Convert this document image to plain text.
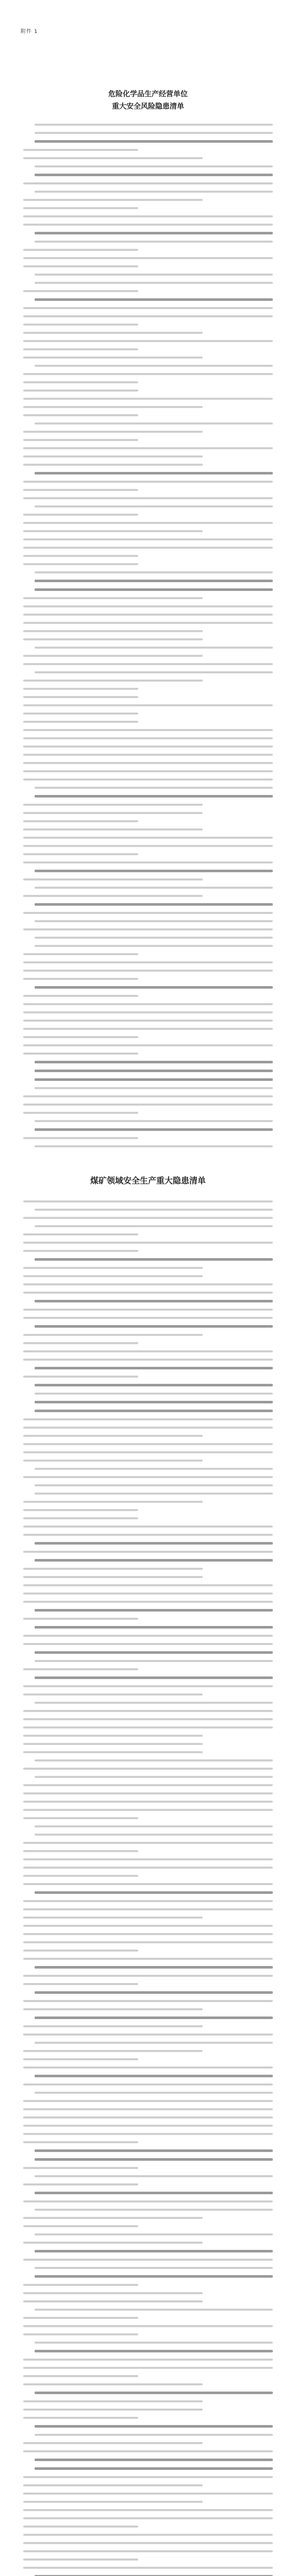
附件 1
危险化学品生产经营单位
重大安全风险隐患清单
煤矿领域安全生产重大隐患清单
